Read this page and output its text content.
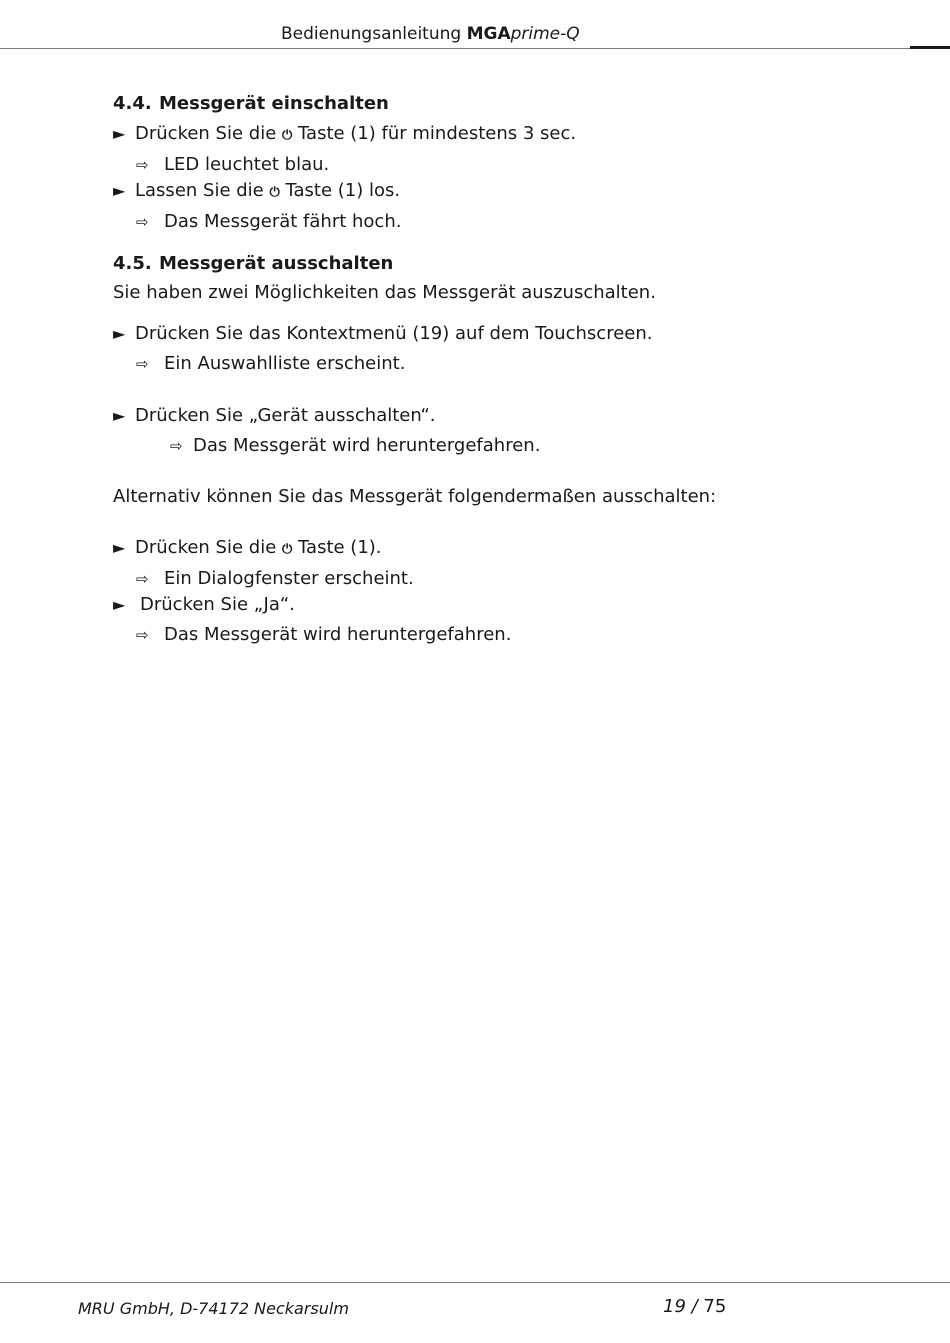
Bedienungsanleitung MGAprime-Q
4.4. Messgerät einschalten
► Drücken Sie die ⏻ Taste (1) für mindestens 3 sec.
⇨ LED leuchtet blau.
► Lassen Sie die ⏻ Taste (1) los.
⇨ Das Messgerät fährt hoch.
4.5. Messgerät ausschalten
Sie haben zwei Möglichkeiten das Messgerät auszuschalten.
► Drücken Sie das Kontextmenü (19) auf dem Touchscreen.
⇨ Ein Auswahlliste erscheint.
► Drücken Sie „Gerät ausschalten“.
⇨ Das Messgerät wird heruntergefahren.
Alternativ können Sie das Messgerät folgendermaßen ausschalten:
► Drücken Sie die ⏻ Taste (1).
⇨ Ein Dialogfenster erscheint.
► Drücken Sie „Ja“.
⇨ Das Messgerät wird heruntergefahren.
MRU GmbH, D-74172 Neckarsulm	19 / 75
